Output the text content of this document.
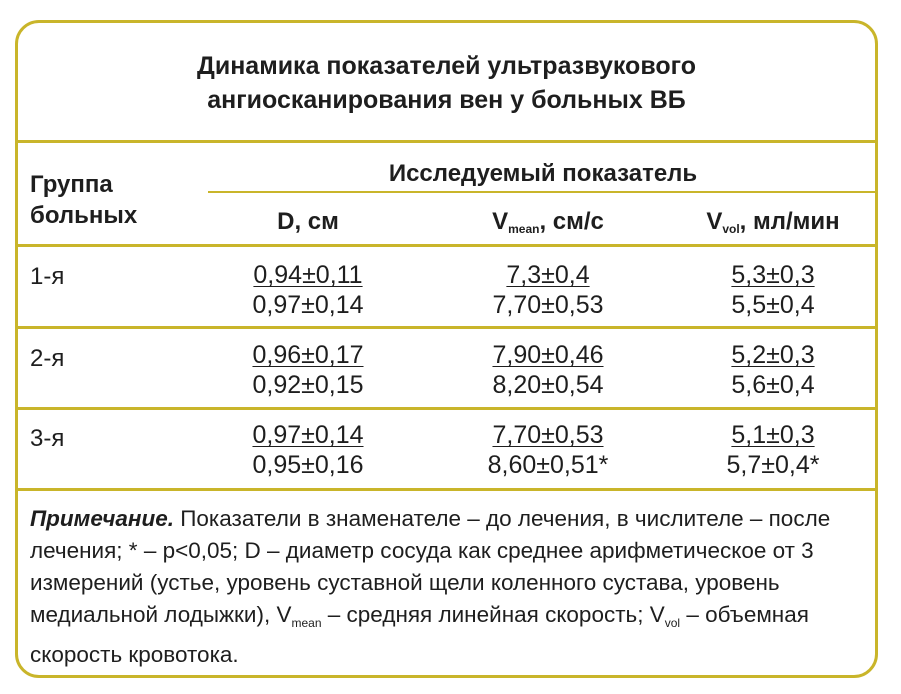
Динамика показателей ультразвукового
ангиосканирования вен у больных ВБ
Группа
больных
Исследуемый показатель
D, см	$V_{mean}$, см/с	$V_{vol}$, мл/мин
1-я	$\frac{0,94\pm 0,11}{0,97\pm 0,14}$	$\frac{7,3\pm 0,4}{7,70\pm 0,53}$	$\frac{5,3\pm 0,3}{5,5\pm 0,4}$
2-я	$\frac{0,96\pm 0,17}{0,92\pm 0,15}$	$\frac{7,90\pm 0,46}{8,20\pm 0,54}$	$\frac{5,2\pm 0,3}{5,6\pm 0,4}$
3-я	$\frac{0,97\pm 0,14}{0,95\pm 0,16}$	$\frac{7,70\pm 0,53}{8,60\pm 0,51*}$	$\frac{5,1\pm 0,3}{5,7\pm 0,4*}$
Примечание. Показатели в знаменателе – до лечения, в числителе – после лечения; * – p<0,05; D – диаметр сосуда как среднее арифметическое от 3 измерений (устье, уровень суставной щели коленного сустава, уровень медиальной лодыжки), $V_{mean}$ – средняя линейная скорость; $V_{vol}$ – объемная скорость кровотока.
